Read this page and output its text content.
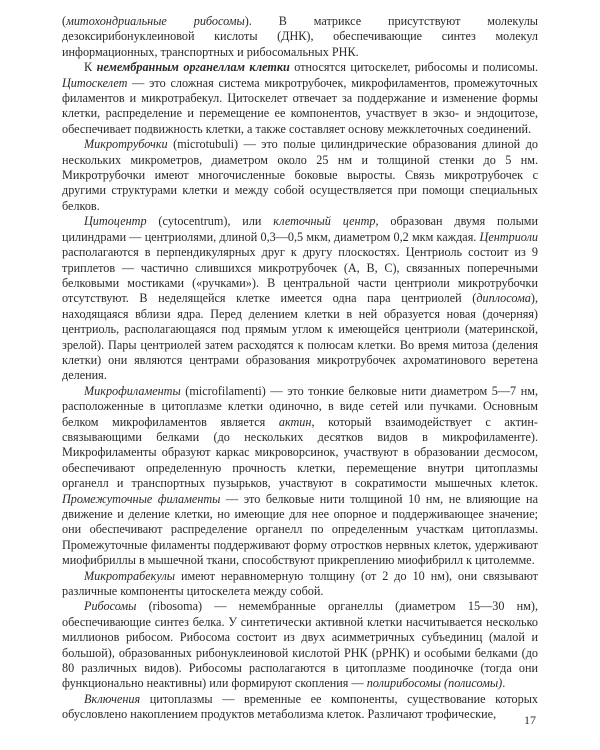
(митохондриальные рибосомы). В матриксе присутствуют молекулы дезоксирибонуклеиновой кислоты (ДНК), обеспечивающие синтез молекул информационных, транспортных и рибосомальных РНК.

К немембранным органеллам клетки относятся цитоскелет, рибосомы и полисомы. Цитоскелет — это сложная система микротрубочек, микрофиламентов, промежуточных филаментов и микротрабекул. Цитоскелет отвечает за поддержание и изменение формы клетки, распределение и перемещение ее компонентов, участвует в экзо- и эндоцитозе, обеспечивает подвижность клетки, а также составляет основу межклеточных соединений.

Микротрубочки (microtubuli) — это полые цилиндрические образования длиной до нескольких микрометров, диаметром около 25 нм и толщиной стенки до 5 нм. Микротрубочки имеют многочисленные боковые выросты. Связь микротрубочек с другими структурами клетки и между собой осуществляется при помощи специальных белков.

Цитоцентр (cytocentrum), или клеточный центр, образован двумя полыми цилиндрами — центриолями, длиной 0,3—0,5 мкм, диаметром 0,2 мкм каждая. Центриоли располагаются в перпендикулярных друг к другу плоскостях. Центриоль состоит из 9 триплетов — частично слившихся микротрубочек (A, B, C), связанных поперечными белковыми мостиками («ручками»). В центральной части центриоли микротрубочки отсутствуют. В неделящейся клетке имеется одна пара центриолей (диплосома), находящаяся вблизи ядра. Перед делением клетки в ней образуется новая (дочерняя) центриоль, располагающаяся под прямым углом к имеющейся центриоли (материнской, зрелой). Пары центриолей затем расходятся к полюсам клетки. Во время митоза (деления клетки) они являются центрами образования микротрубочек ахроматинового веретена деления.

Микрофиламенты (microfilamenti) — это тонкие белковые нити диаметром 5—7 нм, расположенные в цитоплазме клетки одиночно, в виде сетей или пучками. Основным белком микрофиламентов является актин, который взаимодействует с актин-связывающими белками (до нескольких десятков видов в микрофиламенте). Микрофиламенты образуют каркас микроворсинок, участвуют в образовании десмосом, обеспечивают определенную прочность клетки, перемещение внутри цитоплазмы органелл и транспортных пузырьков, участвуют в сократимости мышечных клеток. Промежуточные филаменты — это белковые нити толщиной 10 нм, не влияющие на движение и деление клетки, но имеющие для нее опорное и поддерживающее значение; они обеспечивают распределение органелл по определенным участкам цитоплазмы. Промежуточные филаменты поддерживают форму отростков нервных клеток, удерживают миофибриллы в мышечной ткани, способствуют прикреплению миофибрилл к цитолемме.

Микротрабекулы имеют неравномерную толщину (от 2 до 10 нм), они связывают различные компоненты цитоскелета между собой.

Рибосомы (ribosoma) — немембранные органеллы (диаметром 15—30 нм), обеспечивающие синтез белка. У синтетически активной клетки насчитывается несколько миллионов рибосом. Рибосома состоит из двух асимметричных субъединиц (малой и большой), образованных рибонуклеиновой кислотой РНК (рРНК) и особыми белками (до 80 различных видов). Рибосомы располагаются в цитоплазме поодиночке (тогда они функционально неактивны) или формируют скопления — полирибосомы (полисомы).

Включения цитоплазмы — временные ее компоненты, существование которых обусловлено накоплением продуктов метаболизма клеток. Различают трофические,	17
